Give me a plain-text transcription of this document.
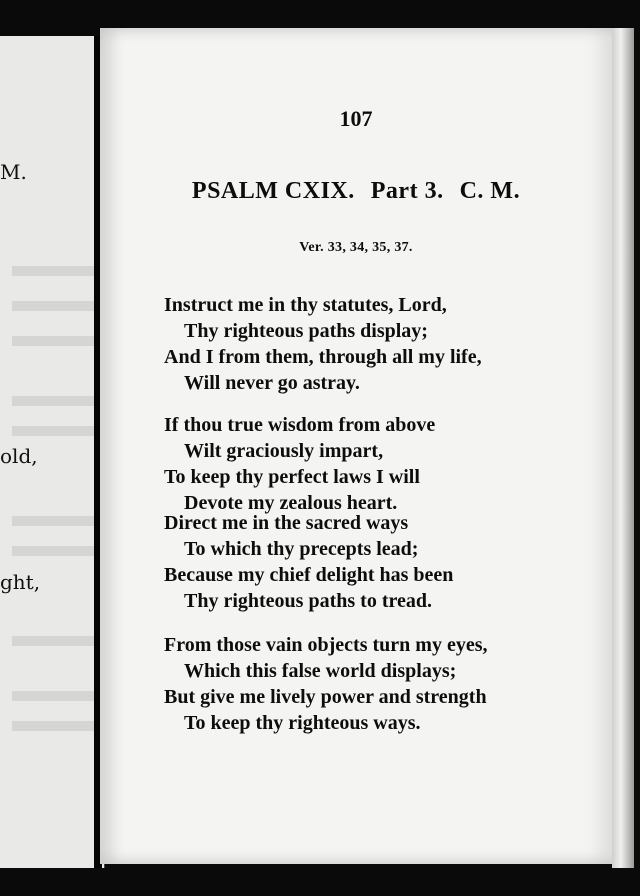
M.
old,
ght,
107
PSALM CXIX. Part 3. C. M.
Ver. 33, 34, 35, 37.
Instruct me in thy statutes, Lord,
Thy righteous paths display;
And I from them, through all my life,
Will never go astray.
If thou true wisdom from above
Wilt graciously impart,
To keep thy perfect laws I will
Devote my zealous heart.
Direct me in the sacred ways
To which thy precepts lead;
Because my chief delight has been
Thy righteous paths to tread.
From those vain objects turn my eyes,
Which this false world displays;
But give me lively power and strength
To keep thy righteous ways.
